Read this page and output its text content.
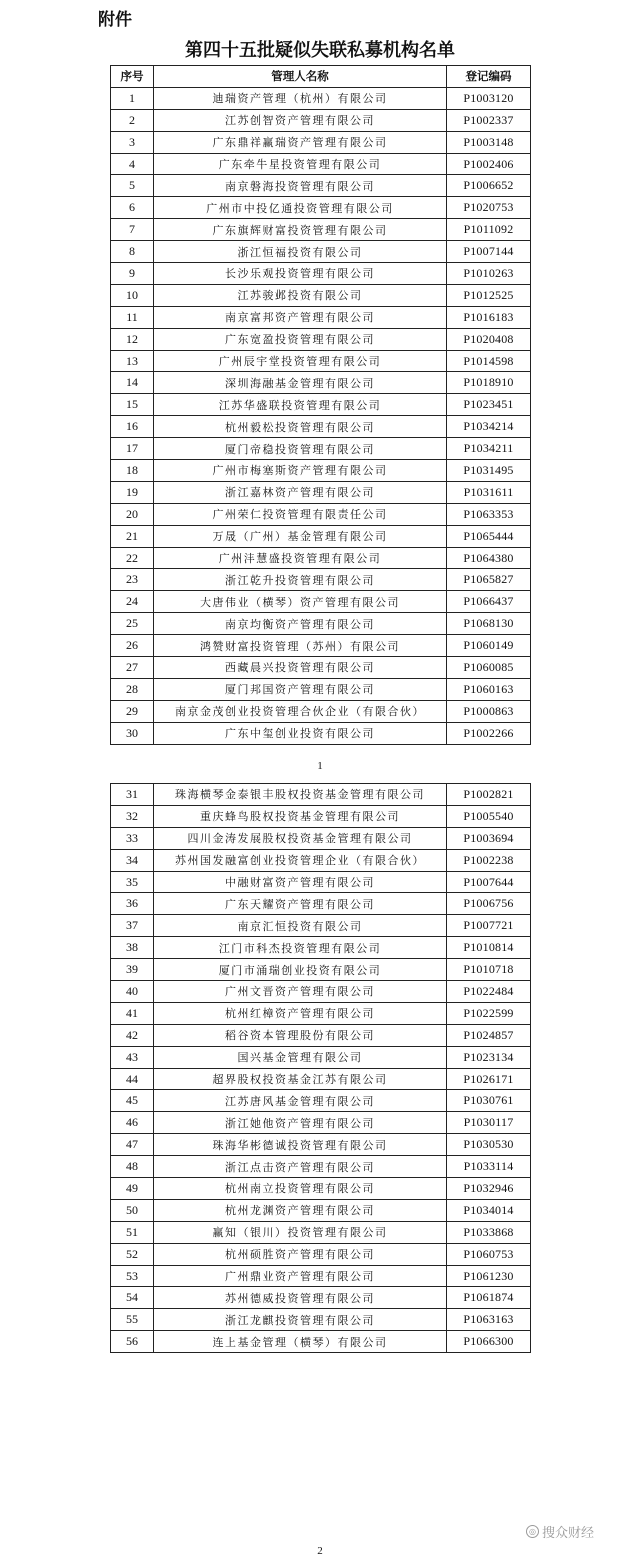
附件
第四十五批疑似失联私募机构名单
序号	管理人名称	登记编码
1	迪瑞资产管理（杭州）有限公司	P1003120
2	江苏创智资产管理有限公司	P1002337
3	广东鼎祥赢瑞资产管理有限公司	P1003148
4	广东牵牛星投资管理有限公司	P1002406
5	南京磐海投资管理有限公司	P1006652
6	广州市中投亿通投资管理有限公司	P1020753
7	广东旗辉财富投资管理有限公司	P1011092
8	浙江恒福投资有限公司	P1007144
9	长沙乐观投资管理有限公司	P1010263
10	江苏骏邺投资有限公司	P1012525
11	南京富邦资产管理有限公司	P1016183
12	广东宽盈投资管理有限公司	P1020408
13	广州辰宇堂投资管理有限公司	P1014598
14	深圳海融基金管理有限公司	P1018910
15	江苏华盛联投资管理有限公司	P1023451
16	杭州毅松投资管理有限公司	P1034214
17	厦门帝稳投资管理有限公司	P1034211
18	广州市梅塞斯资产管理有限公司	P1031495
19	浙江嘉林资产管理有限公司	P1031611
20	广州荣仁投资管理有限责任公司	P1063353
21	万晟（广州）基金管理有限公司	P1065444
22	广州沣慧盛投资管理有限公司	P1064380
23	浙江乾升投资管理有限公司	P1065827
24	大唐伟业（横琴）资产管理有限公司	P1066437
25	南京均衡资产管理有限公司	P1068130
26	鸿赞财富投资管理（苏州）有限公司	P1060149
27	西藏晨兴投资管理有限公司	P1060085
28	厦门邦国资产管理有限公司	P1060163
29	南京金茂创业投资管理合伙企业（有限合伙）	P1000863
30	广东中玺创业投资有限公司	P1002266
1
31	珠海横琴金泰银丰股权投资基金管理有限公司	P1002821
32	重庆蜂鸟股权投资基金管理有限公司	P1005540
33	四川金涛发展股权投资基金管理有限公司	P1003694
34	苏州国发融富创业投资管理企业（有限合伙）	P1002238
35	中融财富资产管理有限公司	P1007644
36	广东天耀资产管理有限公司	P1006756
37	南京汇恒投资有限公司	P1007721
38	江门市科杰投资管理有限公司	P1010814
39	厦门市涌瑞创业投资有限公司	P1010718
40	广州文晋资产管理有限公司	P1022484
41	杭州红樟资产管理有限公司	P1022599
42	稻谷资本管理股份有限公司	P1024857
43	国兴基金管理有限公司	P1023134
44	超界股权投资基金江苏有限公司	P1026171
45	江苏唐风基金管理有限公司	P1030761
46	浙江她他资产管理有限公司	P1030117
47	珠海华彬德诚投资管理有限公司	P1030530
48	浙江点击资产管理有限公司	P1033114
49	杭州南立投资管理有限公司	P1032946
50	杭州龙渊资产管理有限公司	P1034014
51	赢知（银川）投资管理有限公司	P1033868
52	杭州硕胜资产管理有限公司	P1060753
53	广州鼎业资产管理有限公司	P1061230
54	苏州德威投资管理有限公司	P1061874
55	浙江龙麒投资管理有限公司	P1063163
56	连上基金管理（横琴）有限公司	P1066300
◎ 搜众财经
2
